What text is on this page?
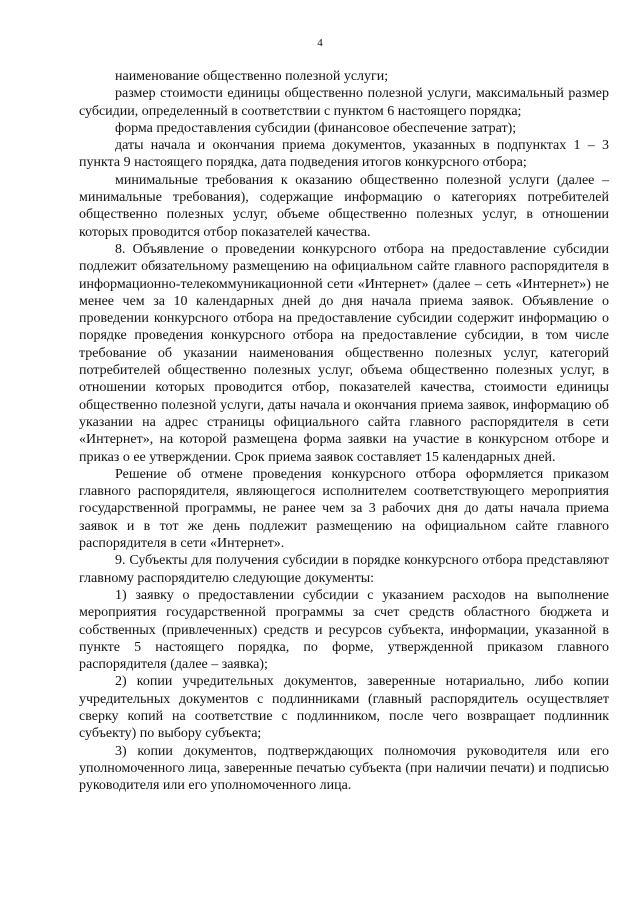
4

наименование общественно полезной услуги;

размер стоимости единицы общественно полезной услуги, максимальный размер субсидии, определенный в соответствии с пунктом 6 настоящего порядка;

форма предоставления субсидии (финансовое обеспечение затрат);

даты начала и окончания приема документов, указанных в подпунктах 1 – 3 пункта 9 настоящего порядка, дата подведения итогов конкурсного отбора;

минимальные требования к оказанию общественно полезной услуги (далее – минимальные требования), содержащие информацию о категориях потребителей общественно полезных услуг, объеме общественно полезных услуг, в отношении которых проводится отбор показателей качества.

8. Объявление о проведении конкурсного отбора на предоставление субсидии подлежит обязательному размещению на официальном сайте главного распорядителя в информационно-телекоммуникационной сети «Интернет» (далее – сеть «Интернет») не менее чем за 10 календарных дней до дня начала приема заявок. Объявление о проведении конкурсного отбора на предоставление субсидии содержит информацию о порядке проведения конкурсного отбора на предоставление субсидии, в том числе требование об указании наименования общественно полезных услуг, категорий потребителей общественно полезных услуг, объема общественно полезных услуг, в отношении которых проводится отбор, показателей качества, стоимости единицы общественно полезной услуги, даты начала и окончания приема заявок, информацию об указании на адрес страницы официального сайта главного распорядителя в сети «Интернет», на которой размещена форма заявки на участие в конкурсном отборе и приказ о ее утверждении. Срок приема заявок составляет 15 календарных дней.

Решение об отмене проведения конкурсного отбора оформляется приказом главного распорядителя, являющегося исполнителем соответствующего мероприятия государственной программы, не ранее чем за 3 рабочих дня до даты начала приема заявок и в тот же день подлежит размещению на официальном сайте главного распорядителя в сети «Интернет».

9. Субъекты для получения субсидии в порядке конкурсного отбора представляют главному распорядителю следующие документы:

1) заявку о предоставлении субсидии с указанием расходов на выполнение мероприятия государственной программы за счет средств областного бюджета и собственных (привлеченных) средств и ресурсов субъекта, информации, указанной в пункте 5 настоящего порядка, по форме, утвержденной приказом главного распорядителя (далее – заявка);

2) копии учредительных документов, заверенные нотариально, либо копии учредительных документов с подлинниками (главный распорядитель осуществляет сверку копий на соответствие с подлинником, после чего возвращает подлинник субъекту) по выбору субъекта;

3) копии документов, подтверждающих полномочия руководителя или его уполномоченного лица, заверенные печатью субъекта (при наличии печати) и подписью руководителя или его уполномоченного лица.
